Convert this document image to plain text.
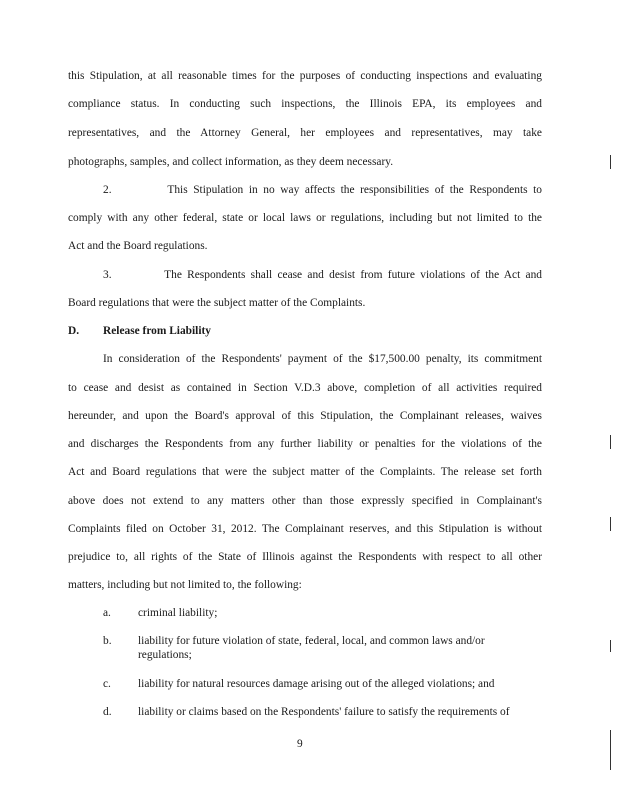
this Stipulation, at all reasonable times for the purposes of conducting inspections and evaluating
compliance status. In conducting such inspections, the Illinois EPA, its employees and
representatives, and the Attorney General, her employees and representatives, may take
photographs, samples, and collect information, as they deem necessary.
2.          This Stipulation in no way affects the responsibilities of the Respondents to
comply with any other federal, state or local laws or regulations, including but not limited to the
Act and the Board regulations.
3.          The Respondents shall cease and desist from future violations of the Act and
Board regulations that were the subject matter of the Complaints.
D. Release from Liability
In consideration of the Respondents' payment of the $17,500.00 penalty, its commitment
to cease and desist as contained in Section V.D.3 above, completion of all activities required
hereunder, and upon the Board's approval of this Stipulation, the Complainant releases, waives
and discharges the Respondents from any further liability or penalties for the violations of the
Act and Board regulations that were the subject matter of the Complaints. The release set forth
above does not extend to any matters other than those expressly specified in Complainant's
Complaints filed on October 31, 2012. The Complainant reserves, and this Stipulation is without
prejudice to, all rights of the State of Illinois against the Respondents with respect to all other
matters, including but not limited to, the following:
a. criminal liability;
b. liability for future violation of state, federal, local, and common laws and/or regulations;
c. liability for natural resources damage arising out of the alleged violations; and
d. liability or claims based on the Respondents' failure to satisfy the requirements of
9
